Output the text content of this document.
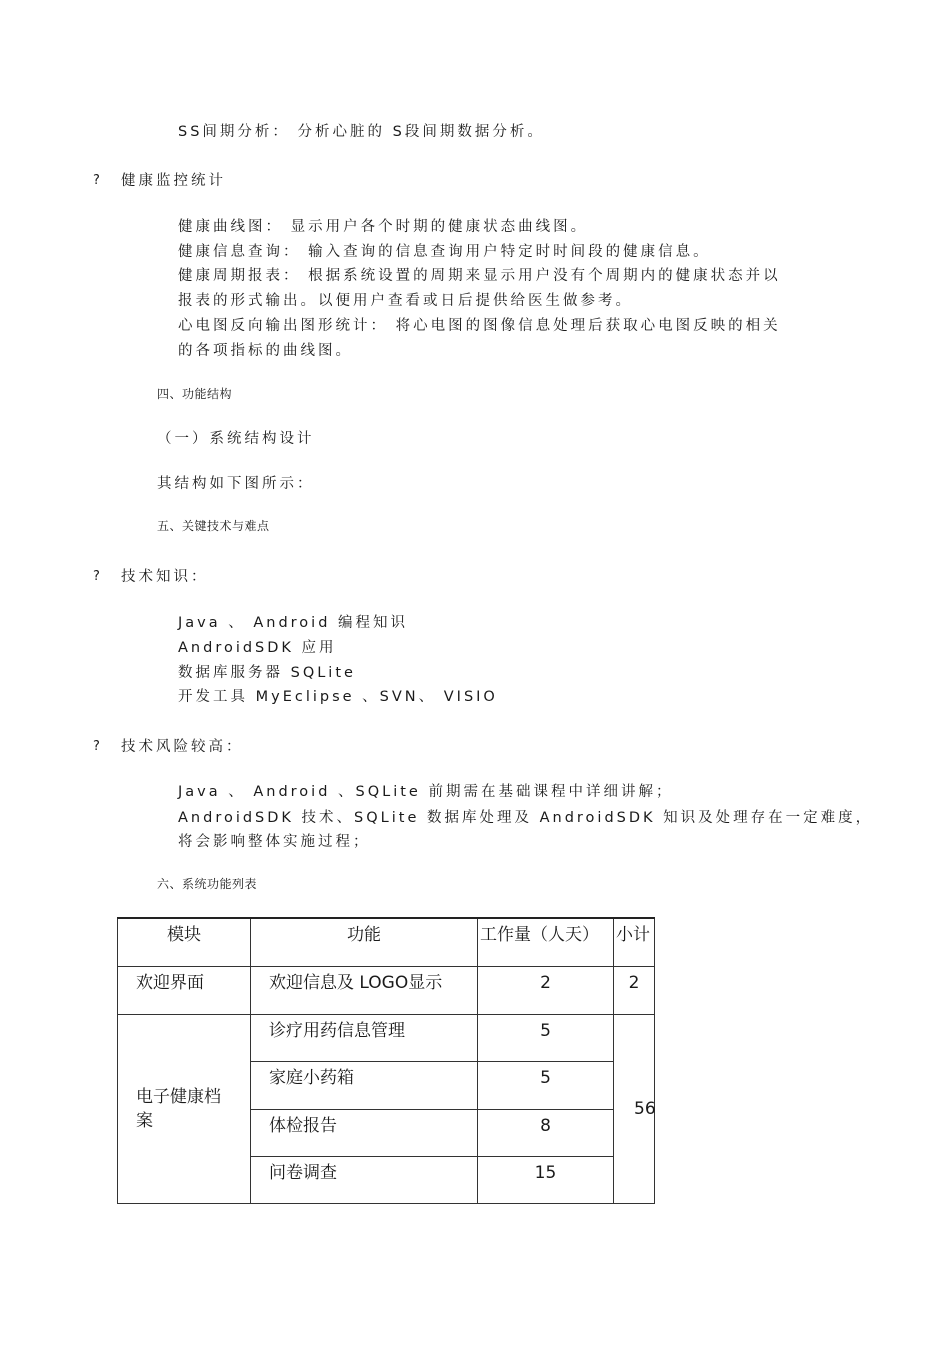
SS间期分析： 分析心脏的 S段间期数据分析。
? 健康监控统计
健康曲线图： 显示用户各个时期的健康状态曲线图。
健康信息查询： 输入查询的信息查询用户特定时时间段的健康信息。
健康周期报表： 根据系统设置的周期来显示用户没有个周期内的健康状态并以
报表的形式输出。以便用户查看或日后提供给医生做参考。
心电图反向输出图形统计： 将心电图的图像信息处理后获取心电图反映的相关
的各项指标的曲线图。
四、功能结构
（一）系统结构设计
其结构如下图所示：
五、关键技术与难点
? 技术知识：
Java 、 Android 编程知识
AndroidSDK 应用
数据库服务器 SQLite
开发工具 MyEclipse 、SVN、 VISIO
? 技术风险较高：
Java 、 Android 、SQLite 前期需在基础课程中详细讲解；
AndroidSDK 技术、SQLite 数据库处理及 AndroidSDK 知识及处理存在一定难度，
将会影响整体实施过程；
六、系统功能列表
模块	功能	工作量（人天）	小计

欢迎界面	欢迎信息及 LOGO显示	2	2

电子健康档案	诊疗用药信息管理	5	56

	家庭小药箱	5	

	体检报告	8	

	问卷调查	15	
